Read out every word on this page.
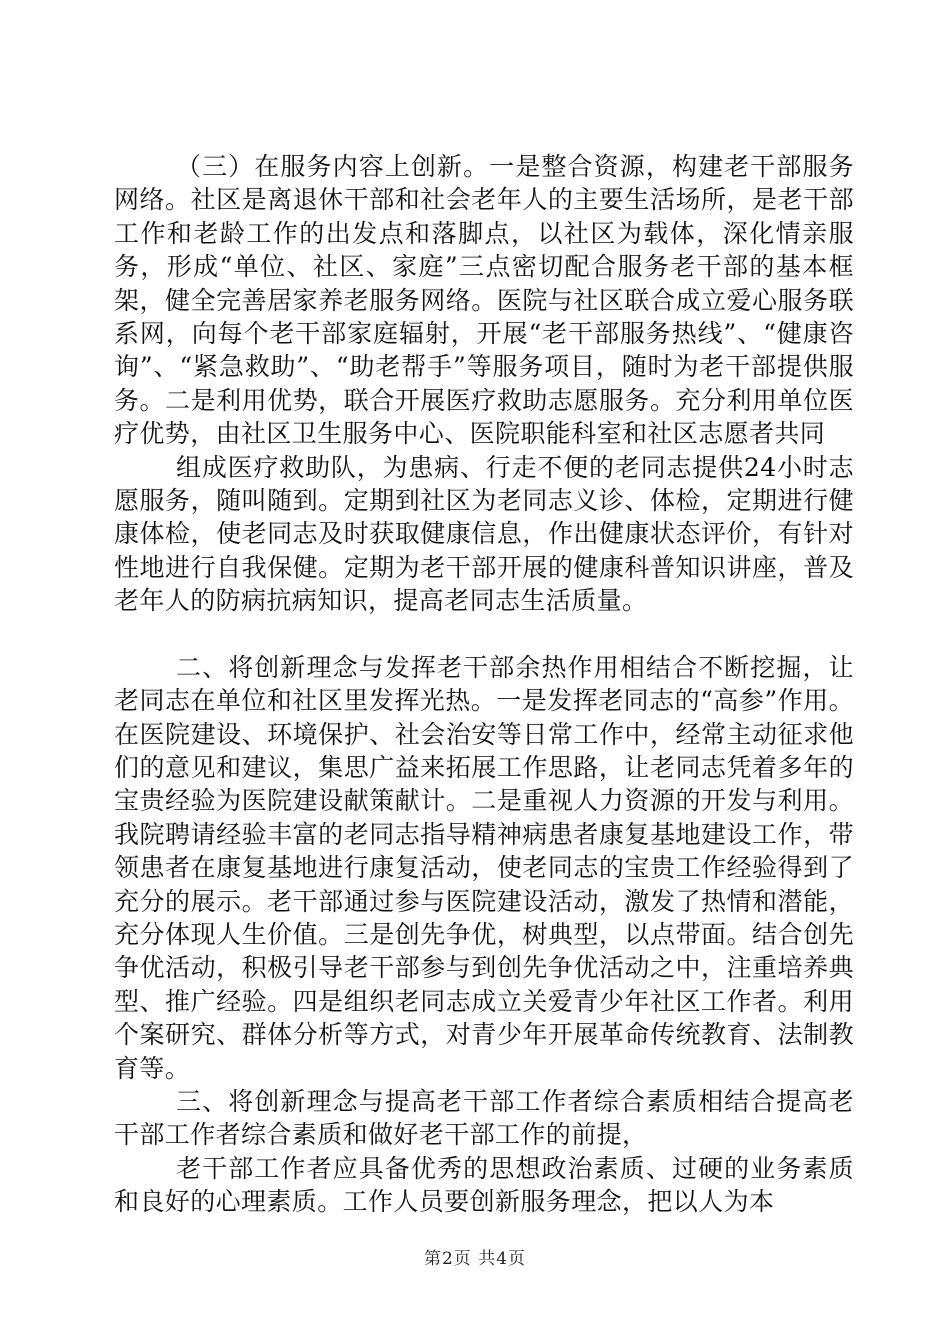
（三）在服务内容上创新。一是整合资源，构建老干部服务网络。社区是离退休干部和社会老年人的主要生活场所，是老干部工作和老龄工作的出发点和落脚点，以社区为载体，深化情亲服务，形成“单位、社区、家庭”三点密切配合服务老干部的基本框架，健全完善居家养老服务网络。医院与社区联合成立爱心服务联系网，向每个老干部家庭辐射，开展“老干部服务热线”、“健康咨询”、“紧急救助”、“助老帮手”等服务项目，随时为老干部提供服务。二是利用优势，联合开展医疗救助志愿服务。充分利用单位医疗优势，由社区卫生服务中心、医院职能科室和社区志愿者共同

组成医疗救助队，为患病、行走不便的老同志提供24小时志愿服务，随叫随到。定期到社区为老同志义诊、体检，定期进行健康体检，使老同志及时获取健康信息，作出健康状态评价，有针对性地进行自我保健。定期为老干部开展的健康科普知识讲座，普及老年人的防病抗病知识，提高老同志生活质量。

二、将创新理念与发挥老干部余热作用相结合不断挖掘，让老同志在单位和社区里发挥光热。一是发挥老同志的“高参”作用。在医院建设、环境保护、社会治安等日常工作中，经常主动征求他们的意见和建议，集思广益来拓展工作思路，让老同志凭着多年的宝贵经验为医院建设献策献计。二是重视人力资源的开发与利用。我院聘请经验丰富的老同志指导精神病患者康复基地建设工作，带领患者在康复基地进行康复活动，使老同志的宝贵工作经验得到了充分的展示。老干部通过参与医院建设活动，激发了热情和潜能，充分体现人生价值。三是创先争优，树典型，以点带面。结合创先争优活动，积极引导老干部参与到创先争优活动之中，注重培养典型、推广经验。四是组织老同志成立关爱青少年社区工作者。利用个案研究、群体分析等方式，对青少年开展革命传统教育、法制教育等。

三、将创新理念与提高老干部工作者综合素质相结合提高老干部工作者综合素质和做好老干部工作的前提，

老干部工作者应具备优秀的思想政治素质、过硬的业务素质和良好的心理素质。工作人员要创新服务理念，把以人为本

第2页 共4页
